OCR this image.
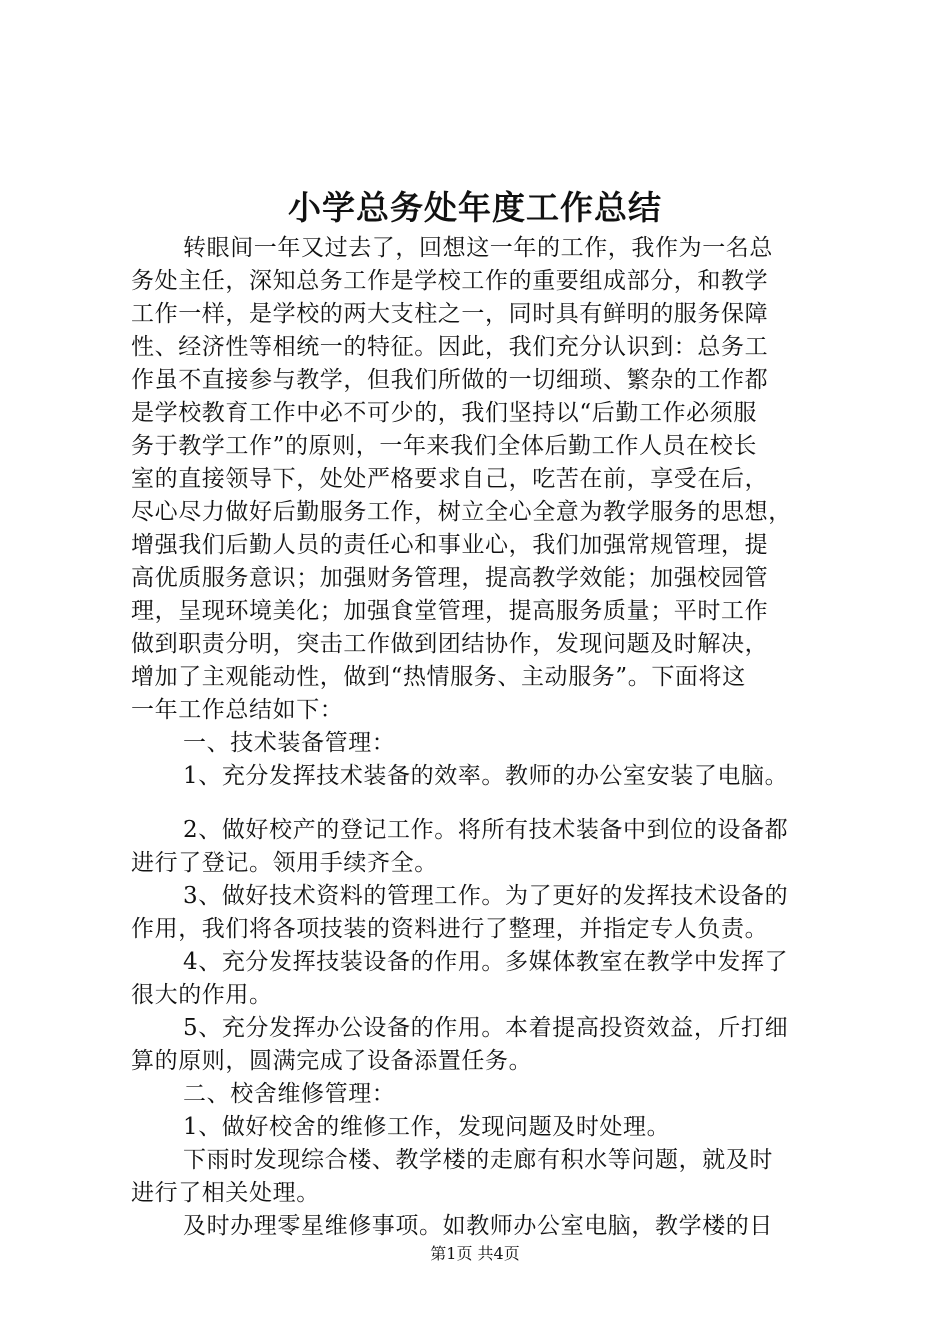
小学总务处年度工作总结
转眼间一年又过去了，回想这一年的工作，我作为一名总
务处主任，深知总务工作是学校工作的重要组成部分，和教学
工作一样，是学校的两大支柱之一，同时具有鲜明的服务保障
性、经济性等相统一的特征。因此，我们充分认识到：总务工
作虽不直接参与教学，但我们所做的一切细琐、繁杂的工作都
是学校教育工作中必不可少的，我们坚持以“后勤工作必须服
务于教学工作”的原则，一年来我们全体后勤工作人员在校长
室的直接领导下，处处严格要求自己，吃苦在前，享受在后，
尽心尽力做好后勤服务工作，树立全心全意为教学服务的思想，
增强我们后勤人员的责任心和事业心，我们加强常规管理，提
高优质服务意识；加强财务管理，提高教学效能；加强校园管
理，呈现环境美化；加强食堂管理，提高服务质量；平时工作
做到职责分明，突击工作做到团结协作，发现问题及时解决，
增加了主观能动性，做到“热情服务、主动服务”。下面将这
一年工作总结如下：
一、技术装备管理：
1、充分发挥技术装备的效率。教师的办公室安装了电脑。
2、做好校产的登记工作。将所有技术装备中到位的设备都
进行了登记。领用手续齐全。
3、做好技术资料的管理工作。为了更好的发挥技术设备的
作用，我们将各项技装的资料进行了整理，并指定专人负责。
4、充分发挥技装设备的作用。多媒体教室在教学中发挥了
很大的作用。
5、充分发挥办公设备的作用。本着提高投资效益，斤打细
算的原则，圆满完成了设备添置任务。
二、校舍维修管理：
1、做好校舍的维修工作，发现问题及时处理。
下雨时发现综合楼、教学楼的走廊有积水等问题，就及时
进行了相关处理。
及时办理零星维修事项。如教师办公室电脑，教学楼的日
第1页 共4页
